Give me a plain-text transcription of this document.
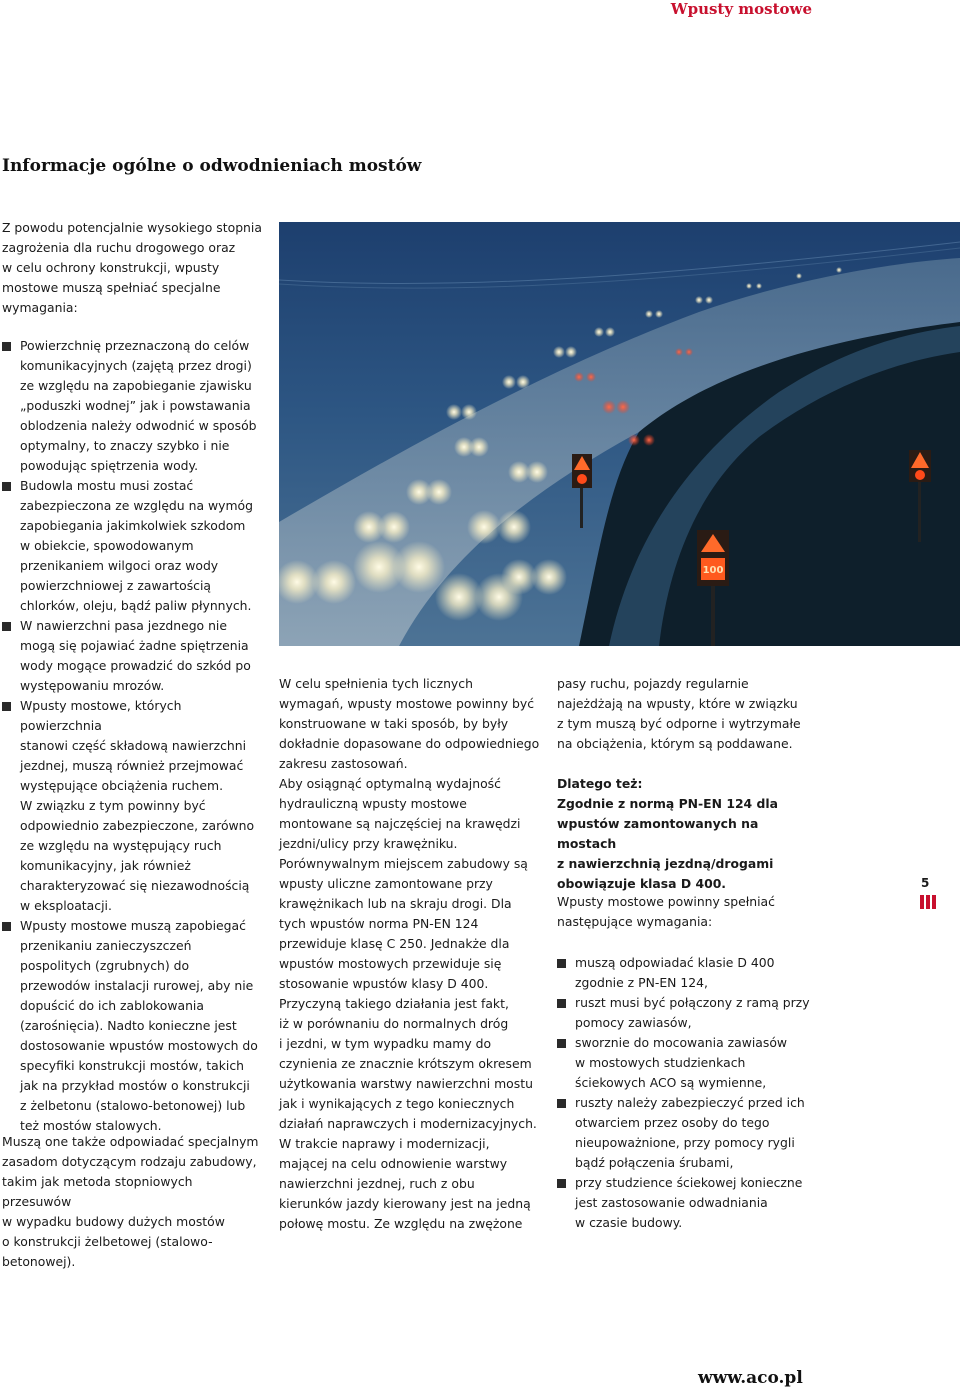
Wpusty mostowe
Informacje ogólne o odwodnieniach mostów
Z powodu potencjalnie wysokiego stopnia
zagrożenia dla ruchu drogowego oraz
w celu ochrony konstrukcji, wpusty
mostowe muszą spełniać specjalne
wymagania:
Powierzchnię przeznaczoną do celów
komunikacyjnych (zajętą przez drogi)
ze względu na zapobieganie zjawisku
„poduszki wodnej” jak i powstawania
oblodzenia należy odwodnić w sposób
optymalny, to znaczy szybko i nie
powodując spiętrzenia wody.
Budowla mostu musi zostać
zabezpieczona ze względu na wymóg
zapobiegania jakimkolwiek szkodom
w obiekcie, spowodowanym
przenikaniem wilgoci oraz wody
powierzchniowej z zawartością
chlorków, oleju, bądź paliw płynnych.
W nawierzchni pasa jezdnego nie
mogą się pojawiać żadne spiętrzenia
wody mogące prowadzić do szkód po
występowaniu mrozów.
Wpusty mostowe, których powierzchnia
stanowi część składową nawierzchni
jezdnej, muszą również przejmować
występujące obciążenia ruchem.
W związku z tym powinny być
odpowiednio zabezpieczone, zarówno
ze względu na występujący ruch
komunikacyjny, jak również
charakteryzować się niezawodnością
w eksploatacji.
Wpusty mostowe muszą zapobiegać
przenikaniu zanieczyszczeń
pospolitych (zgrubnych) do
przewodów instalacji rurowej, aby nie
dopuścić do ich zablokowania
(zarośnięcia). Nadto konieczne jest
dostosowanie wpustów mostowych do
specyfiki konstrukcji mostów, takich
jak na przykład mostów o konstrukcji
z żelbetonu (stalowo-betonowej) lub
też mostów stalowych.
Muszą one także odpowiadać specjalnym
zasadom dotyczącym rodzaju zabudowy,
takim jak metoda stopniowych przesuwów
w wypadku budowy dużych mostów
o konstrukcji żelbetowej (stalowo-betonowej).
100
W celu spełnienia tych licznych
wymagań, wpusty mostowe powinny być
konstruowane w taki sposób, by były
dokładnie dopasowane do odpowiedniego
zakresu zastosowań.
Aby osiągnąć optymalną wydajność
hydrauliczną wpusty mostowe
montowane są najczęściej na krawędzi
jezdni/ulicy przy krawężniku.
Porównywalnym miejscem zabudowy są
wpusty uliczne zamontowane przy
krawężnikach lub na skraju drogi. Dla
tych wpustów norma PN-EN 124
przewiduje klasę C 250. Jednakże dla
wpustów mostowych przewiduje się
stosowanie wpustów klasy D 400.
Przyczyną takiego działania jest fakt,
iż w porównaniu do normalnych dróg
i jezdni, w tym wypadku mamy do
czynienia ze znacznie krótszym okresem
użytkowania warstwy nawierzchni mostu
jak i wynikających z tego koniecznych
działań naprawczych i modernizacyjnych.
W trakcie naprawy i modernizacji,
mającej na celu odnowienie warstwy
nawierzchni jezdnej, ruch z obu
kierunków jazdy kierowany jest na jedną
połowę mostu. Ze względu na zwężone
pasy ruchu, pojazdy regularnie
najeżdżają na wpusty, które w związku
z tym muszą być odporne i wytrzymałe
na obciążenia, którym są poddawane.
Dlatego też:
Zgodnie z normą PN-EN 124 dla
wpustów zamontowanych na mostach
z nawierzchnią jezdną/drogami
obowiązuje klasa D 400.
Wpusty mostowe powinny spełniać
następujące wymagania:
muszą odpowiadać klasie D 400
zgodnie z PN-EN 124,
ruszt musi być połączony z ramą przy
pomocy zawiasów,
sworznie do mocowania zawiasów
w mostowych studzienkach
ściekowych ACO są wymienne,
ruszty należy zabezpieczyć przed ich
otwarciem przez osoby do tego
nieupoważnione, przy pomocy rygli
bądź połączenia śrubami,
przy studzience ściekowej konieczne
jest zastosowanie odwadniania
w czasie budowy.
5
www.aco.pl
